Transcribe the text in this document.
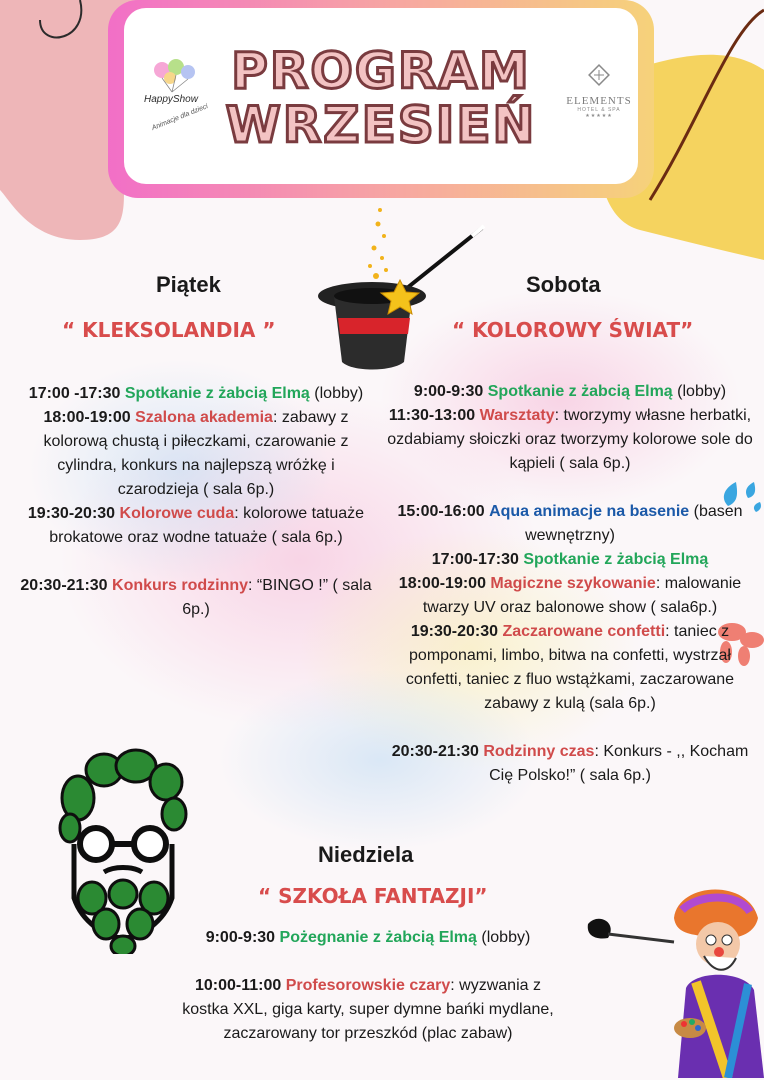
PROGRAM
WRZESIEŃ
HappyShow
Animacje dla dzieci
ELEMENTS
HOTEL & SPA
★★★★★
Piątek
“ KLEKSOLANDIA ”

17:00 -17:30 Spotkanie z żabcią Elmą (lobby)

18:00-19:00 Szalona akademia: zabawy z kolorową chustą i piłeczkami, czarowanie z cylindra, konkurs na najlepszą wróżkę i czarodzieja ( sala 6p.)

19:30-20:30 Kolorowe cuda: kolorowe tatuaże brokatowe oraz wodne tatuaże ( sala 6p.)

20:30-21:30 Konkurs rodzinny: “BINGO !” ( sala 6p.)

Sobota
“ KOLOROWY ŚWIAT”

9:00-9:30 Spotkanie z żabcią Elmą (lobby)

11:30-13:00 Warsztaty: tworzymy własne herbatki, ozdabiamy słoiczki oraz tworzymy kolorowe sole do kąpieli ( sala 6p.)

15:00-16:00 Aqua animacje na basenie (basen wewnętrzny)

17:00-17:30 Spotkanie z żabcią Elmą

18:00-19:00 Magiczne szykowanie: malowanie twarzy UV oraz balonowe show ( sala6p.)

19:30-20:30 Zaczarowane confetti: taniec z pomponami, limbo, bitwa na confetti, wystrzał confetti, taniec z fluo wstążkami, zaczarowane zabawy z kulą (sala 6p.)

20:30-21:30 Rodzinny czas: Konkurs - ,, Kocham Cię Polsko!” ( sala 6p.)

Niedziela
“ SZKOŁA FANTAZJI”

9:00-9:30 Pożegnanie z żabcią Elmą (lobby)

10:00-11:00 Profesorowskie czary: wyzwania z kostka XXL, giga karty, super dymne bańki mydlane, zaczarowany tor przeszkód (plac zabaw)
